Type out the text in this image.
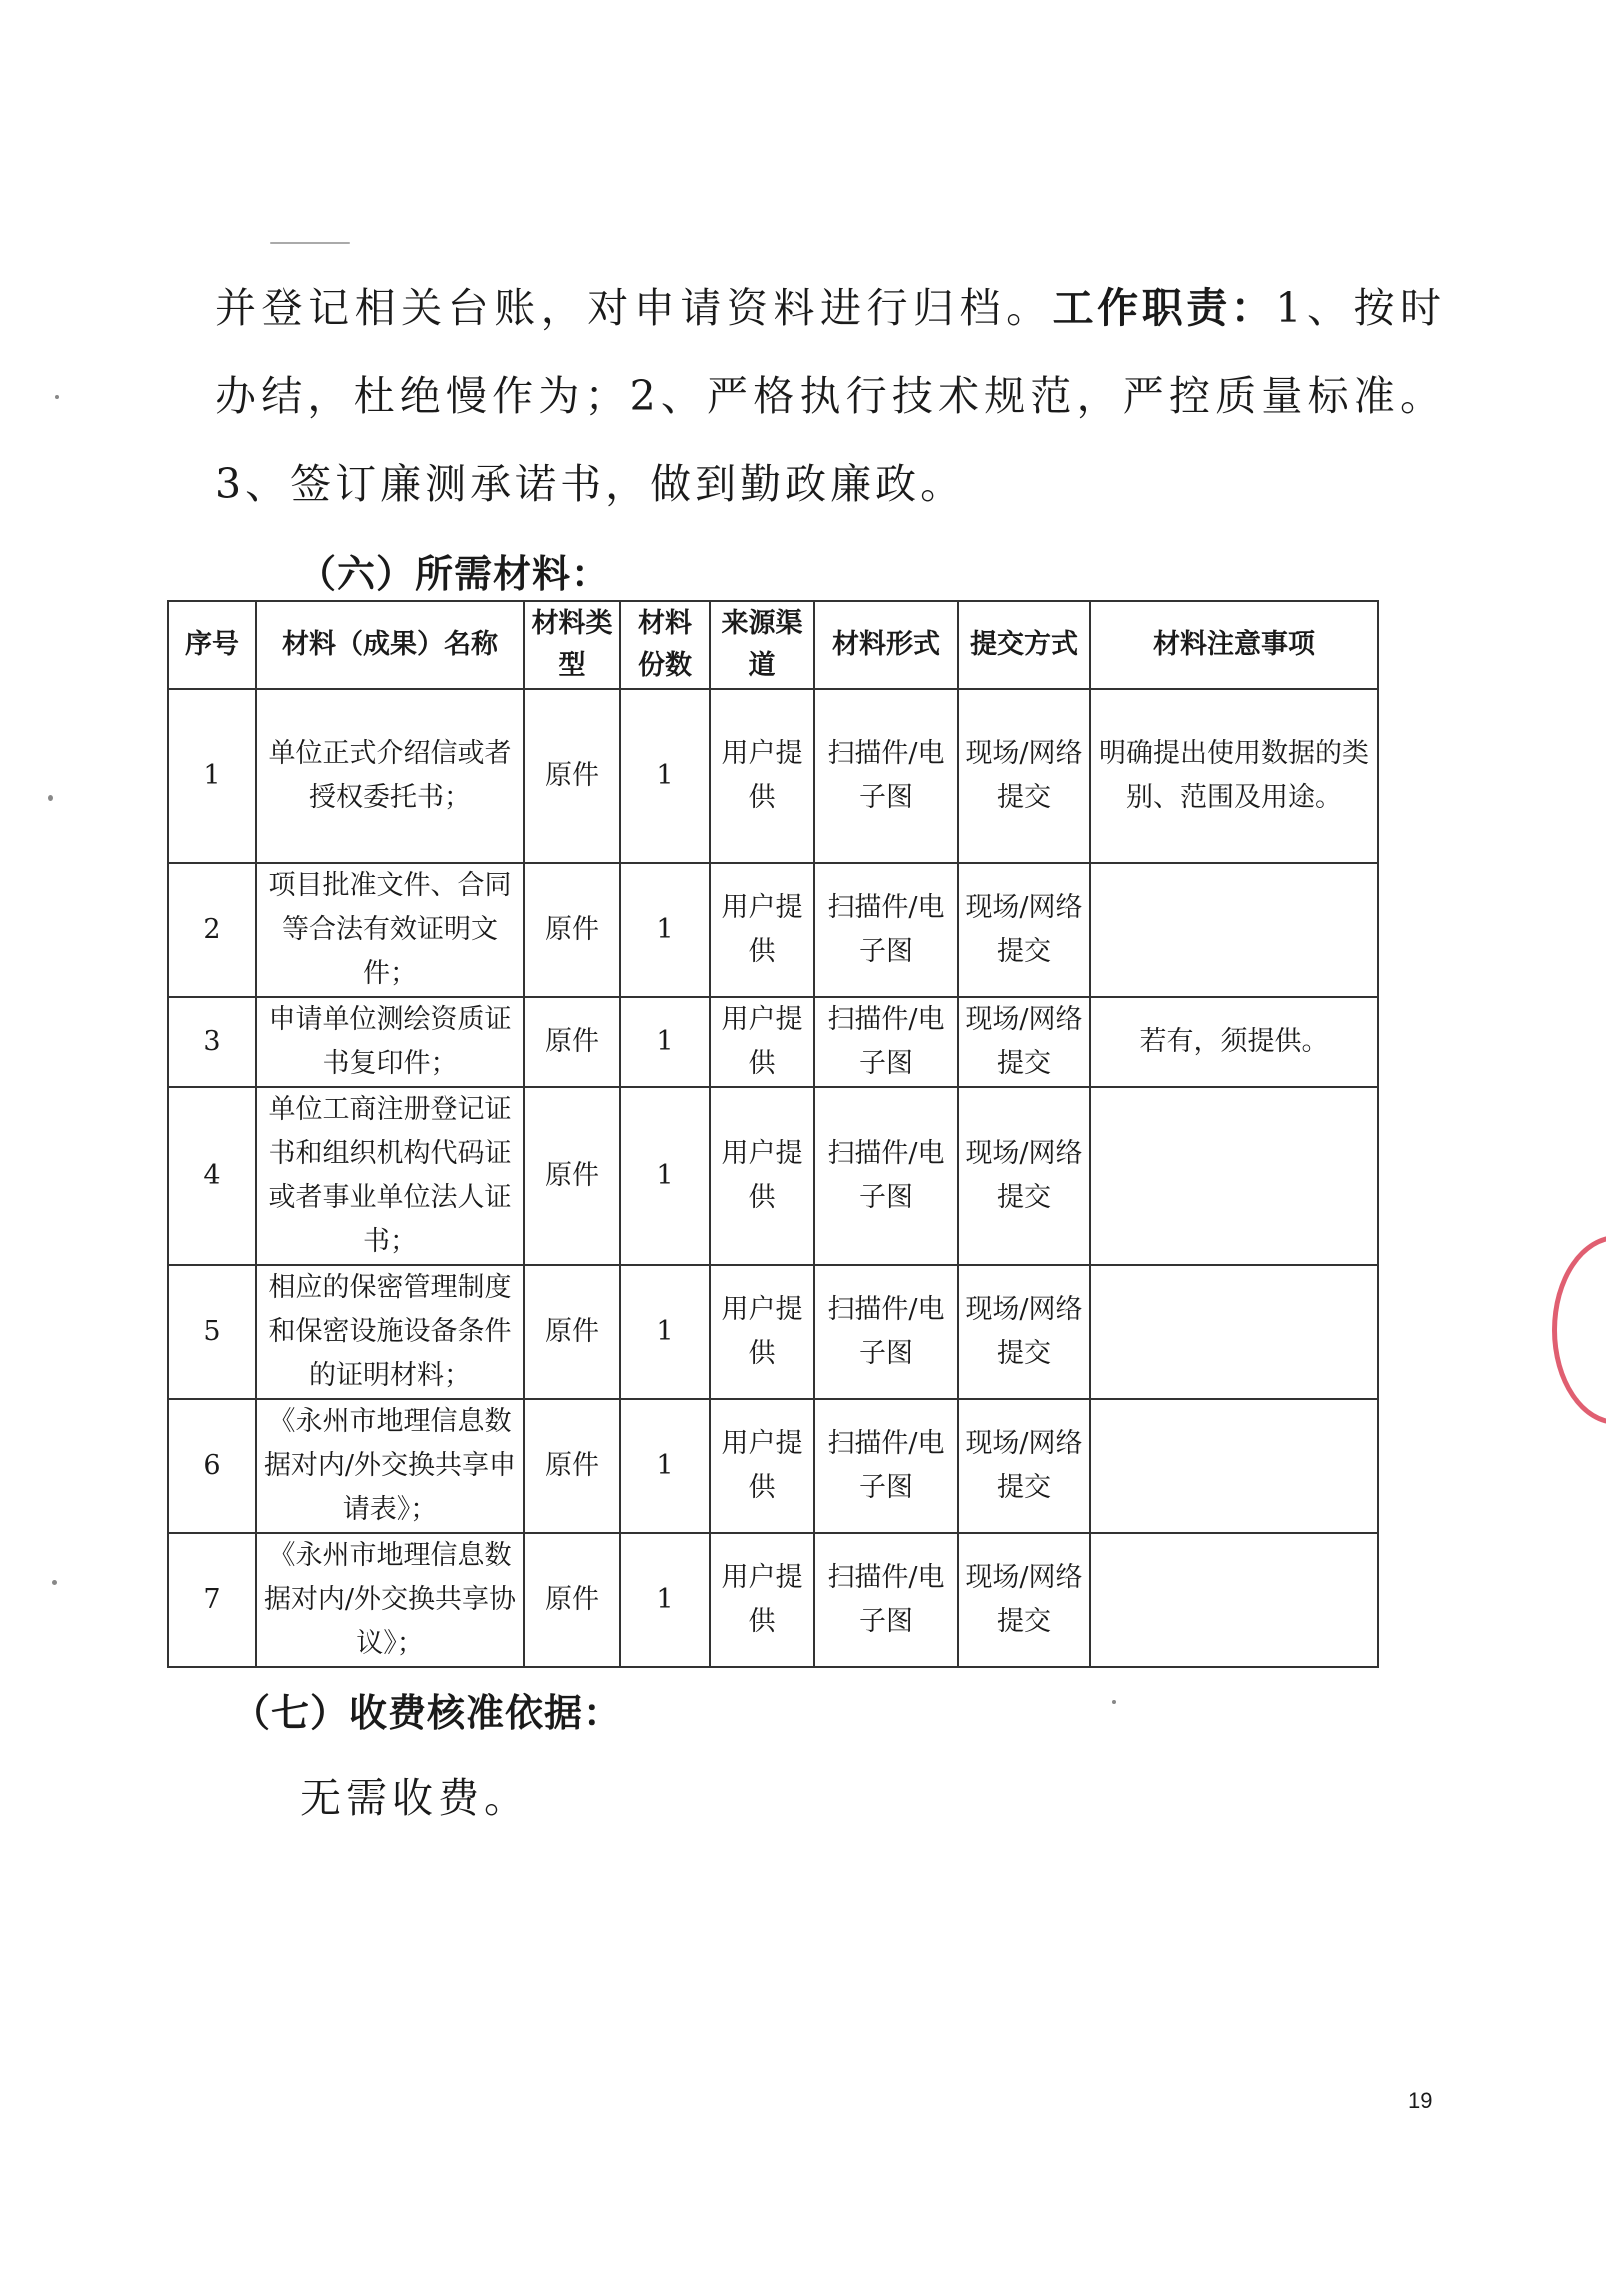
并登记相关台账，对申请资料进行归档。工作职责：1、按时办结，杜绝慢作为；2、严格执行技术规范，严控质量标准。3、签订廉测承诺书，做到勤政廉政。

（六）所需材料：
序号	材料（成果）名称	材料类型	材料份数	来源渠道	材料形式	提交方式	材料注意事项
1	单位正式介绍信或者授权委托书；	原件	1	用户提供	扫描件/电子图	现场/网络提交	明确提出使用数据的类别、范围及用途。
2	项目批准文件、合同等合法有效证明文件；	原件	1	用户提供	扫描件/电子图	现场/网络提交	
3	申请单位测绘资质证书复印件；	原件	1	用户提供	扫描件/电子图	现场/网络提交	若有，须提供。
4	单位工商注册登记证书和组织机构代码证或者事业单位法人证书；	原件	1	用户提供	扫描件/电子图	现场/网络提交	
5	相应的保密管理制度和保密设施设备条件的证明材料；	原件	1	用户提供	扫描件/电子图	现场/网络提交	
6	《永州市地理信息数据对内/外交换共享申请表》；	原件	1	用户提供	扫描件/电子图	现场/网络提交	
7	《永州市地理信息数据对内/外交换共享协议》；	原件	1	用户提供	扫描件/电子图	现场/网络提交	
（七）收费核准依据：

无需收费。

19
